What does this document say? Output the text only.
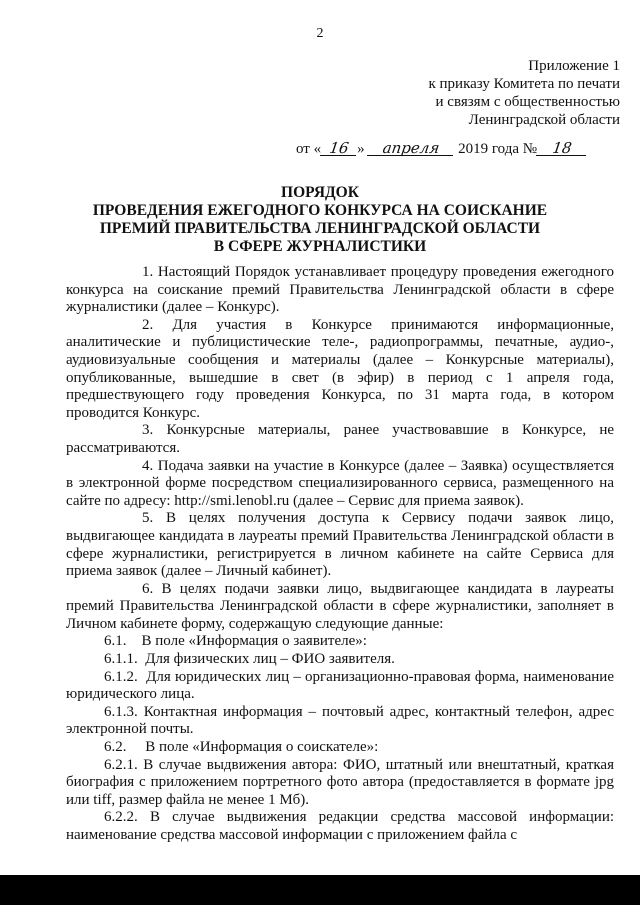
2
Приложение 1
к приказу Комитета по печати
и связям с общественностью
Ленинградской области
от « 16 » апреля 2019 года № 18
ПОРЯДОК
ПРОВЕДЕНИЯ ЕЖЕГОДНОГО КОНКУРСА НА СОИСКАНИЕ
ПРЕМИЙ ПРАВИТЕЛЬСТВА ЛЕНИНГРАДСКОЙ ОБЛАСТИ
В СФЕРЕ ЖУРНАЛИСТИКИ

1. Настоящий Порядок устанавливает процедуру проведения ежегодного конкурса на соискание премий Правительства Ленинградской области в сфере журналистики (далее – Конкурс).

2. Для участия в Конкурсе принимаются информационные, аналитические и публицистические теле-, радиопрограммы, печатные, аудио-, аудиовизуальные сообщения и материалы (далее – Конкурсные материалы), опубликованные, вышедшие в свет (в эфир) в период с 1 апреля года, предшествующего году проведения Конкурса, по 31 марта года, в котором проводится Конкурс.

3. Конкурсные материалы, ранее участвовавшие в Конкурсе, не рассматриваются.

4. Подача заявки на участие в Конкурсе (далее – Заявка) осуществляется в электронной форме посредством специализированного сервиса, размещенного на сайте по адресу: http://smi.lenobl.ru (далее – Сервис для приема заявок).

5. В целях получения доступа к Сервису подачи заявок лицо, выдвигающее кандидата в лауреаты премий Правительства Ленинградской области в сфере журналистики, регистрируется в личном кабинете на сайте Сервиса для приема заявок (далее – Личный кабинет).

6. В целях подачи заявки лицо, выдвигающее кандидата в лауреаты премий Правительства Ленинградской области в сфере журналистики, заполняет в Личном кабинете форму, содержащую следующие данные:

6.1. В поле «Информация о заявителе»:

6.1.1. Для физических лиц – ФИО заявителя.

6.1.2. Для юридических лиц – организационно-правовая форма, наименование юридического лица.

6.1.3. Контактная информация – почтовый адрес, контактный телефон, адрес электронной почты.

6.2. В поле «Информация о соискателе»:

6.2.1. В случае выдвижения автора: ФИО, штатный или внештатный, краткая биография с приложением портретного фото автора (предоставляется в формате jpg или tiff, размер файла не менее 1 Мб).

6.2.2. В случае выдвижения редакции средства массовой информации: наименование средства массовой информации с приложением файла с
